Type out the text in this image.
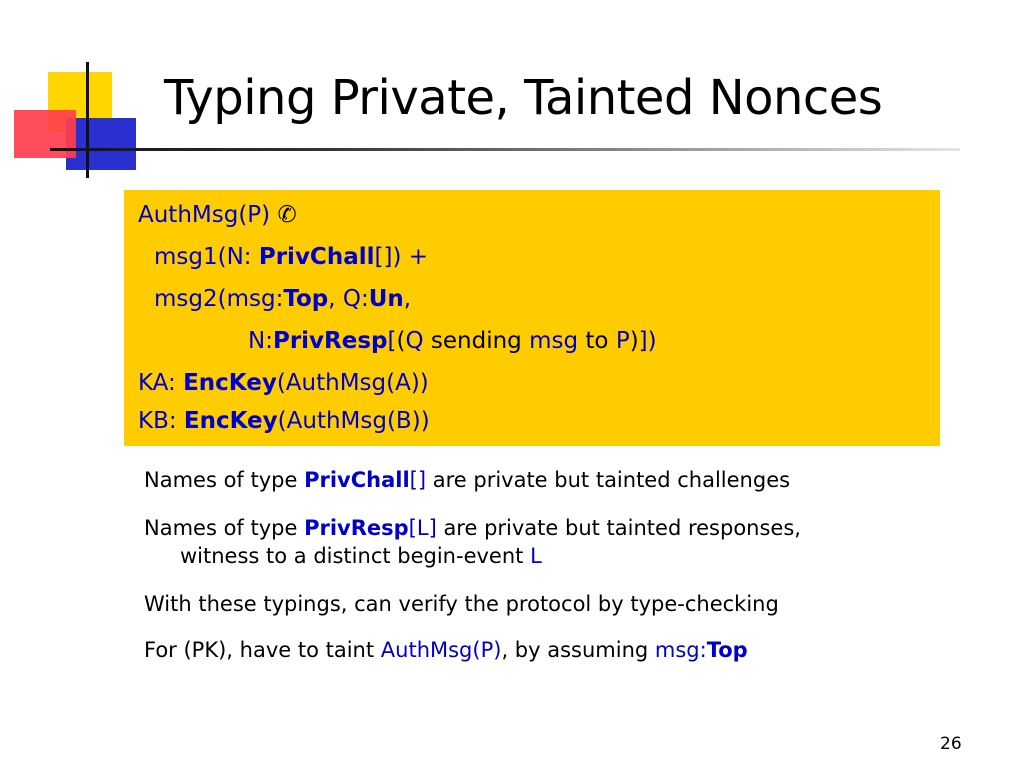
Typing Private, Tainted Nonces
AuthMsg(P) ✆
msg1(N: PrivChall[]) +
msg2(msg:Top, Q:Un,
N:PrivResp[(Q sending msg to P)])
KA: EncKey(AuthMsg(A))
KB: EncKey(AuthMsg(B))
Names of type PrivChall[] are private but tainted challenges
Names of type PrivResp[L] are private but tainted responses,
witness to a distinct begin-event L
With these typings, can verify the protocol by type-checking
For (PK), have to taint AuthMsg(P), by assuming msg:Top
26
